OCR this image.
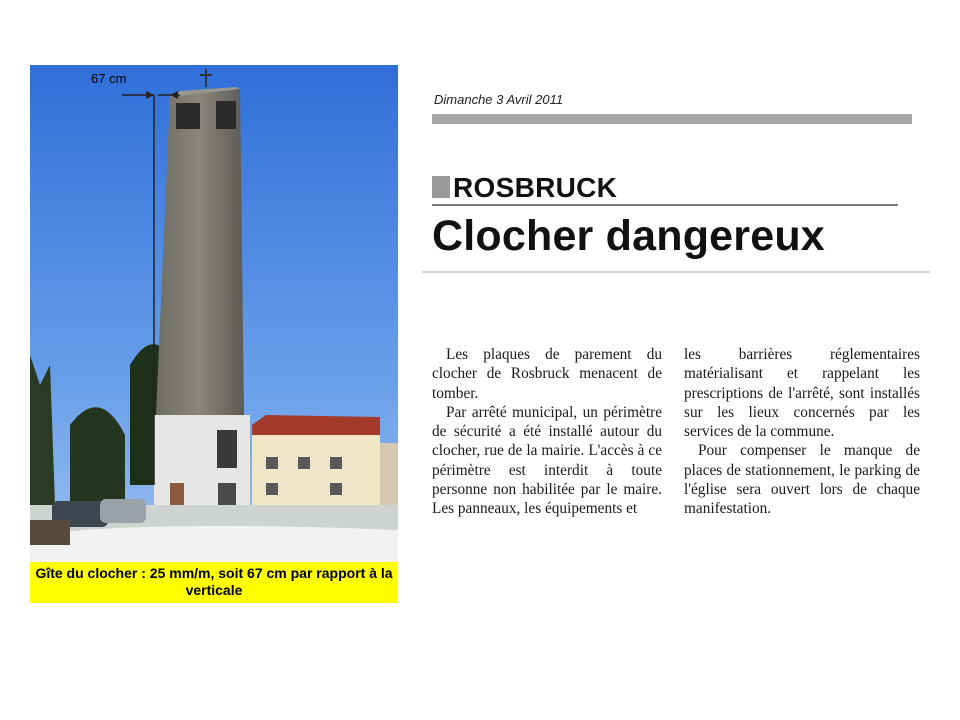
67 cm
Gîte du clocher : 25 mm/m, soit 67 cm par rapport à la verticale
Dimanche 3 Avril 2011
ROSBRUCK
Clocher dangereux

Les plaques de parement du clocher de Rosbruck menacent de tomber.

Par arrêté municipal, un périmètre de sécurité a été installé autour du clocher, rue de la mairie. L'accès à ce périmètre est interdit à toute personne non habilitée par le maire. Les panneaux, les équipements et

les barrières réglementaires matérialisant et rappelant les prescriptions de l'arrêté, sont installés sur les lieux concernés par les services de la commune.

Pour compenser le manque de places de stationnement, le parking de l'église sera ouvert lors de chaque manifestation.
